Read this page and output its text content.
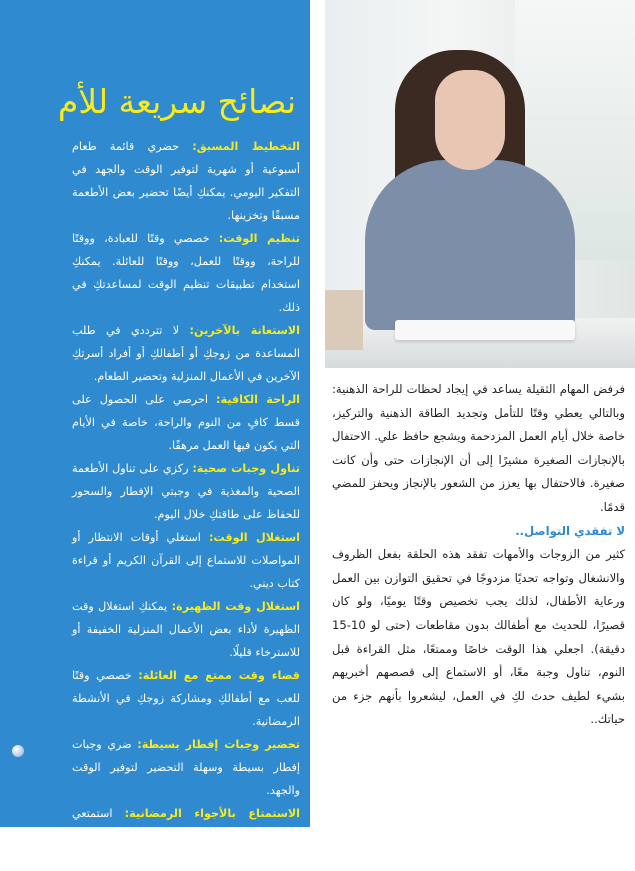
نصائح سريعة للأم

التخطيط المسبق: حضري قائمة طعام أسبوعية أو شهرية لتوفير الوقت والجهد في التفكير اليومي. يمكنكِ أيضًا تحضير بعض الأطعمة مسبقًا وتخزينها.

تنظيم الوقت: خصصي وقتًا للعبادة، ووقتًا للراحة، ووقتًا للعمل، ووقتًا للعائلة. يمكنكِ استخدام تطبيقات تنظيم الوقت لمساعدتكِ في ذلك.

الاستعانة بالآخرين: لا تترددي في طلب المساعدة من زوجكِ أو أطفالكِ أو أفراد أسرتكِ الآخرين في الأعمال المنزلية وتحضير الطعام.

الراحة الكافية: احرصي على الحصول على قسط كافٍ من النوم والراحة، خاصة في الأيام التي يكون فيها العمل مرهقًا.

تناول وجبات صحية: ركزي على تناول الأطعمة الصحية والمغذية في وجبتي الإفطار والسحور للحفاظ على طاقتكِ خلال اليوم.

استغلال الوقت: استغلي أوقات الانتظار أو المواصلات للاستماع إلى القرآن الكريم أو قراءة كتاب ديني.

استغلال وقت الظهيرة: يمكنكِ استغلال وقت الظهيرة لأداء بعض الأعمال المنزلية الخفيفة أو للاسترخاء قليلًا.

قضاء وقت ممتع مع العائلة: خصصي وقتًا للعب مع أطفالكِ ومشاركة زوجكِ في الأنشطة الرمضانية.

تحضير وجبات إفطار بسيطة: ضري وجبات إفطار بسيطة وسهلة التحضير لتوفير الوقت والجهد.

الاستمتاع بالأجواء الرمضانية: استمتعي بالأجواء الرمضانية مع عائلتكِ، مثل تناول وجبة الإفطار معًا وزيارة الأقارب والأصدقاء.

فرفض المهام الثقيلة يساعد في إيجاد لحظات للراحة الذهنية: وبالتالي يعطي وقتًا للتأمل وتجديد الطاقة الذهنية والتركيز، خاصة خلال أيام العمل المزدحمة ويشجع حافظ علي. الاحتفال بالإنجازات الصغيرة مشيرًا إلى أن الإنجازات حتى وأن كانت صغيرة. فالاحتفال بها يعزز من الشعور بالإنجاز ويحفز للمضي قدمًا.

لا تفقدي التواصل..

كثير من الزوجات والأمهات تفقد هذه الحلقة بفعل الظروف والانشغال وتواجه تحديًا مزدوجًا في تحقيق التوازن بين العمل ورعاية الأطفال، لذلك يجب تخصيص وقتًا يوميًا، ولو كان قصيرًا، للحديث مع أطفالك بدون مقاطعات (حتى لو 10-15 دقيقة). اجعلي هذا الوقت خاصًا وممتعًا، مثل القراءة قبل النوم، تناول وجبة معًا، أو الاستماع إلى قصصهم أخبريهم بشيء لطيف حدث لكِ في العمل، ليشعروا بأنهم جزء من حياتك..
